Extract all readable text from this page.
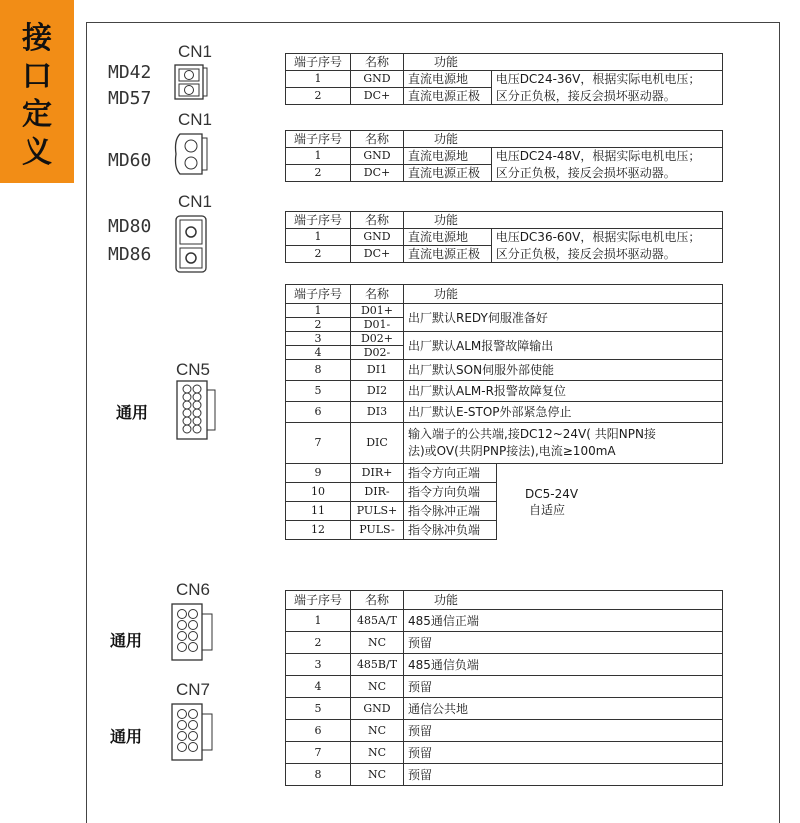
接
口
定
义
MD42
MD57
CN1
CN1
MD60
CN1
MD80
MD86
CN5
通用
CN6
通用
CN7
通用
端子序号	名称	功能	
1	GND	直流电源地	电压DC24-36V，根据实际电机电压；
2	DC+	直流电源正极	区分正负极，接反会损坏驱动器。
端子序号	名称	功能	
1	GND	直流电源地	电压DC24-48V，根据实际电机电压；
2	DC+	直流电源正极	区分正负极，接反会损坏驱动器。
端子序号	名称	功能	
1	GND	直流电源地	电压DC36-60V，根据实际电机电压；
2	DC+	直流电源正极	区分正负极，接反会损坏驱动器。
端子序号	名称	功能	
1	D01+	出厂默认REDY伺服准备好	
2	D01-		
3	D02+	出厂默认ALM报警故障输出	
4	D02-		
8	DI1	出厂默认SON伺服外部使能	
5	DI2	出厂默认ALM-R报警故障复位	
6	DI3	出厂默认E-STOP外部紧急停止	
7	DIC	输入端子的公共端,接DC12~24V( 共阳NPN接
法)或OV(共阴PNP接法),电流≥100mA	

9	DIR+	指令方向正端	DC5-24V
自适应

10	DIR-	指令方向负端	
11	PULS+	指令脉冲正端	
12	PULS-	指令脉冲负端	
端子序号	名称	功能
1	485A/T	485通信正端
2	NC	预留
3	485B/T	485通信负端
4	NC	预留
5	GND	通信公共地
6	NC	预留
7	NC	预留
8	NC	预留
